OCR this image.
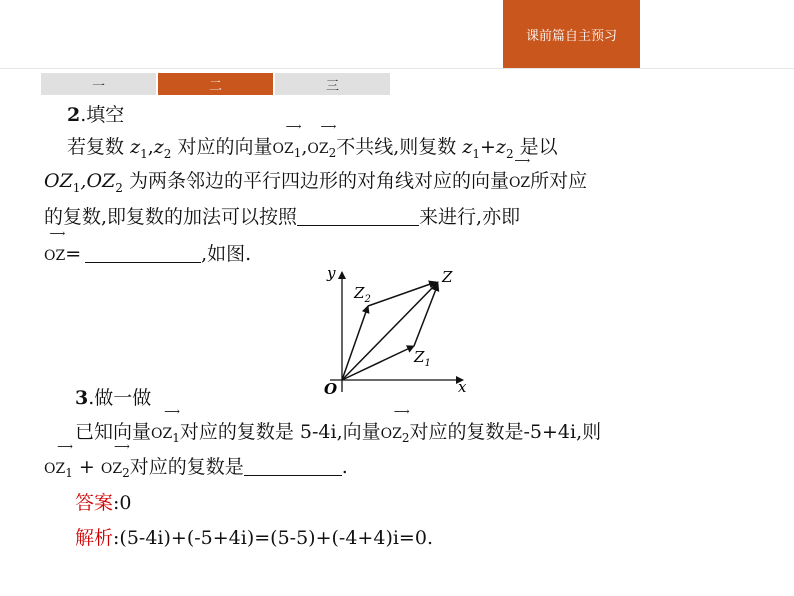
课前篇自主预习
一	二	三
2.填空
若复数 $z_1,z_2$ 对应的向量$OZ_1$
⟶
$,OZ_2$
⟶
不共线,则复数 $z_1+z_2$ 是以
$OZ_1,OZ_2$ 为两条邻边的平行四边形的对角线对应的向量OZ
⟶
所对应
的复数,即复数的加法可以按照	来进行,亦即
OZ
⟶
=	,如图.
y
x
O
Z
$Z_1$
$Z_2$
3.做一做
已知向量$OZ_1$
⟶
对应的复数是 5-4i,向量$OZ_2$
⟶
对应的复数是-5+4i,则
$OZ_1$
⟶
+ $OZ_2$
⟶
对应的复数是	.
答案:0
解析:(5-4i)+(-5+4i)=(5-5)+(-4+4)i=0.
